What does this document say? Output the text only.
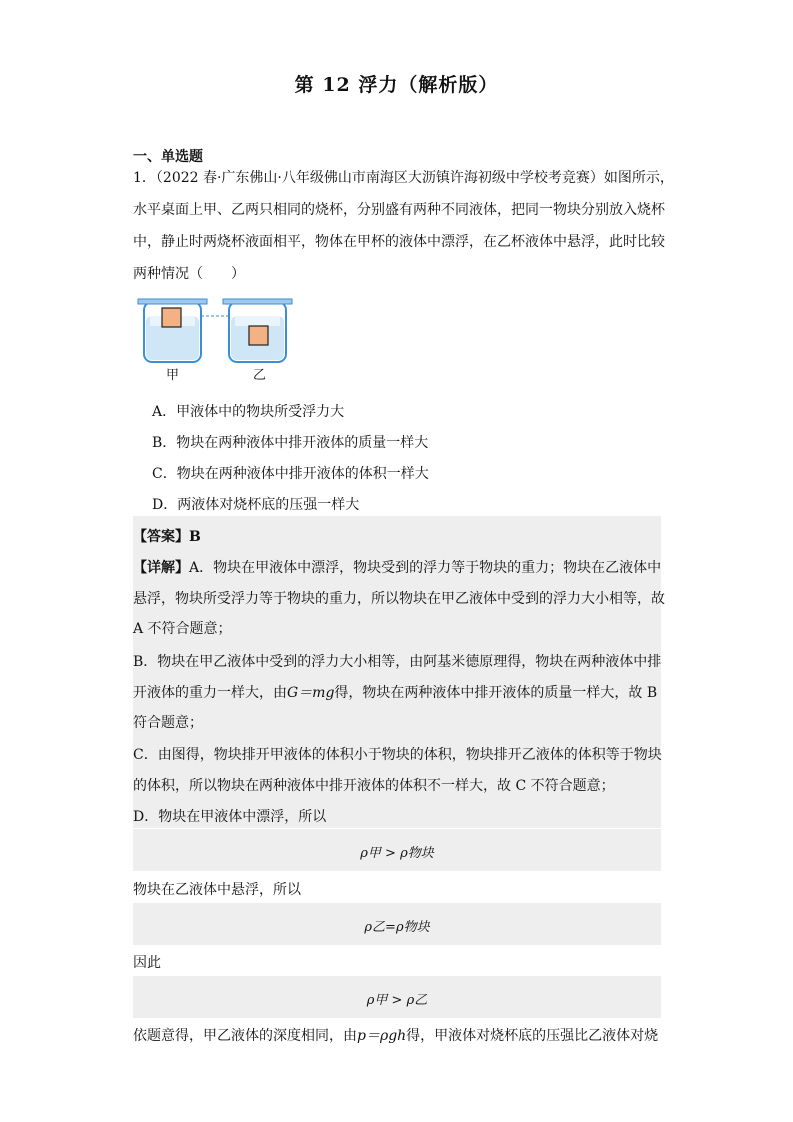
第 12 浮力（解析版）
一、单选题
1．（2022 春·广东佛山·八年级佛山市南海区大沥镇许海初级中学校考竞赛）如图所示，
水平桌面上甲、乙两只相同的烧杯，分别盛有两种不同液体，把同一物块分别放入烧杯
中，静止时两烧杯液面相平，物体在甲杯的液体中漂浮，在乙杯液体中悬浮，此时比较
两种情况（　　）
甲	乙
A．甲液体中的物块所受浮力大
B．物块在两种液体中排开液体的质量一样大
C．物块在两种液体中排开液体的体积一样大
D．两液体对烧杯底的压强一样大
【答案】B
【详解】A．物块在甲液体中漂浮，物块受到的浮力等于物块的重力；物块在乙液体中
悬浮，物块所受浮力等于物块的重力，所以物块在甲乙液体中受到的浮力大小相等，故
A 不符合题意；
B．物块在甲乙液体中受到的浮力大小相等，由阿基米德原理得，物块在两种液体中排
开液体的重力一样大，由G＝mg得，物块在两种液体中排开液体的质量一样大，故 B
符合题意；
C．由图得，物块排开甲液体的体积小于物块的体积，物块排开乙液体的体积等于物块
的体积，所以物块在两种液体中排开液体的体积不一样大，故 C 不符合题意；
D．物块在甲液体中漂浮，所以
ρ甲 > ρ物块
物块在乙液体中悬浮，所以
ρ乙=ρ物块
因此
ρ甲 > ρ乙
依题意得，甲乙液体的深度相同，由p＝ρgh得，甲液体对烧杯底的压强比乙液体对烧
